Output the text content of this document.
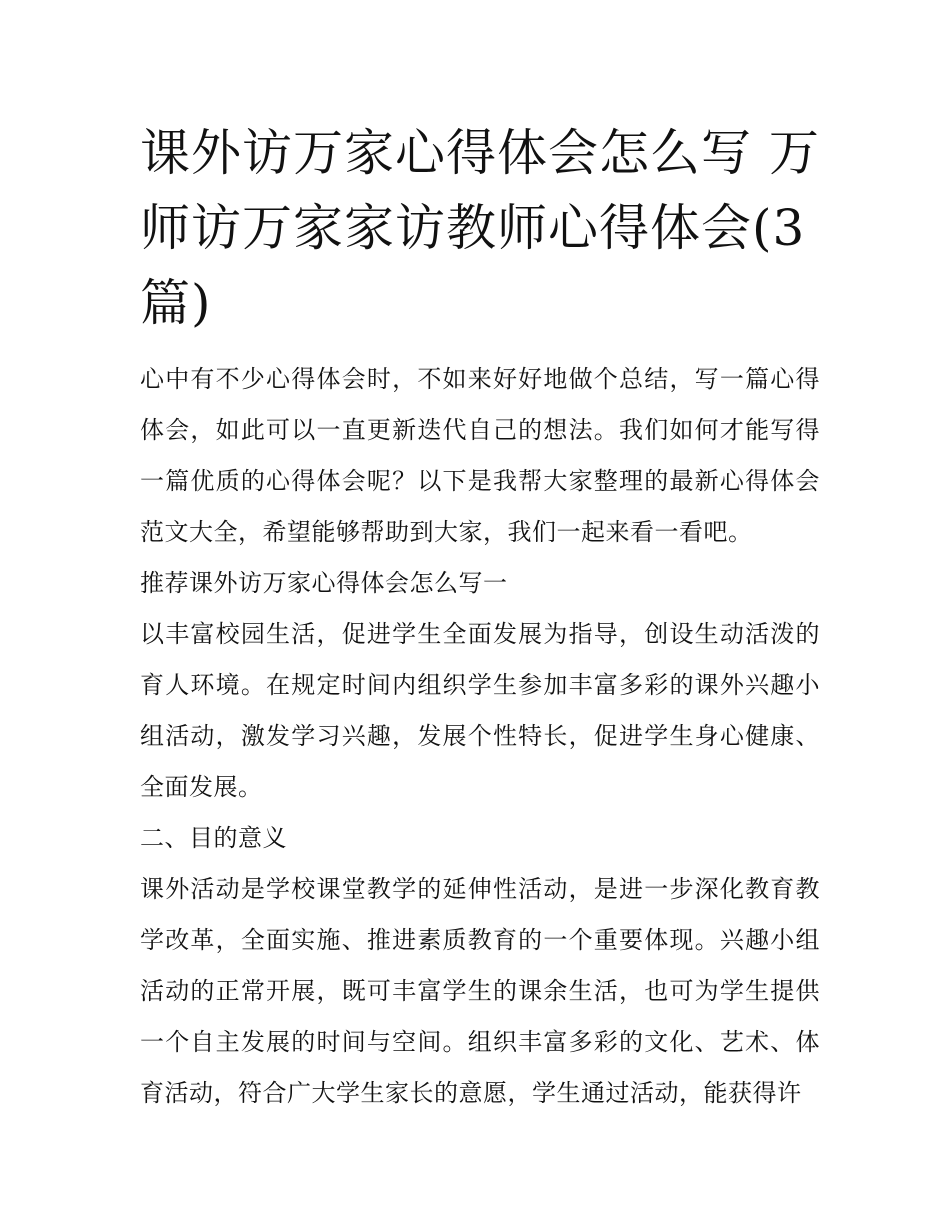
课外访万家心得体会怎么写 万师访万家家访教师心得体会(3篇)

心中有不少心得体会时，不如来好好地做个总结，写一篇心得体会，如此可以一直更新迭代自己的想法。我们如何才能写得一篇优质的心得体会呢？以下是我帮大家整理的最新心得体会范文大全，希望能够帮助到大家，我们一起来看一看吧。

推荐课外访万家心得体会怎么写一

以丰富校园生活，促进学生全面发展为指导，创设生动活泼的育人环境。在规定时间内组织学生参加丰富多彩的课外兴趣小组活动，激发学习兴趣，发展个性特长，促进学生身心健康、全面发展。

二、目的意义

课外活动是学校课堂教学的延伸性活动，是进一步深化教育教学改革，全面实施、推进素质教育的一个重要体现。兴趣小组活动的正常开展，既可丰富学生的课余生活，也可为学生提供一个自主发展的时间与空间。组织丰富多彩的文化、艺术、体育活动，符合广大学生家长的意愿，学生通过活动，能获得许
